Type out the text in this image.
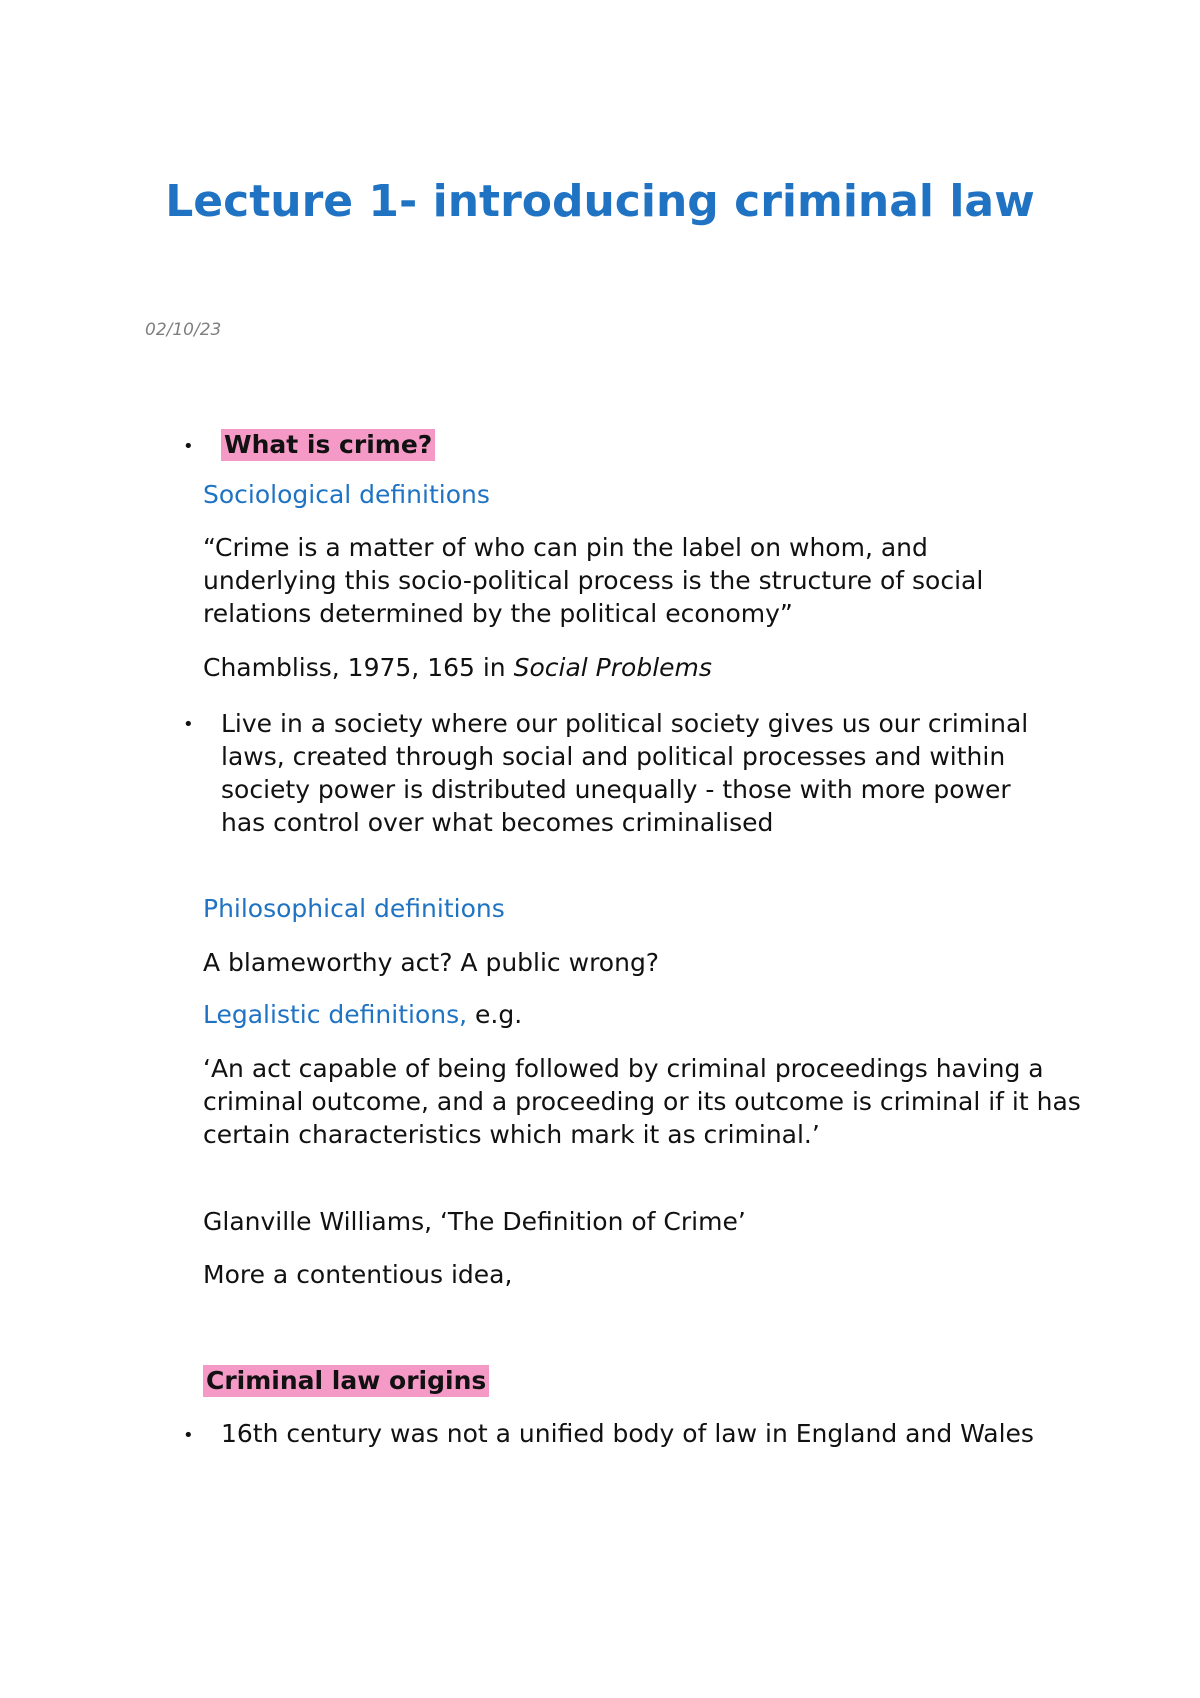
Lecture 1- introducing criminal law
02/10/23
• What is crime?
Sociological definitions
“Crime is a matter of who can pin the label on whom, and underlying this socio-political process is the structure of social relations determined by the political economy”
Chambliss, 1975, 165 in Social Problems
• Live in a society where our political society gives us our criminal laws, created through social and political processes and within society power is distributed unequally - those with more power has control over what becomes criminalised
Philosophical definitions
A blameworthy act? A public wrong?
Legalistic definitions, e.g.
‘An act capable of being followed by criminal proceedings having a criminal outcome, and a proceeding or its outcome is criminal if it has certain characteristics which mark it as criminal.’
Glanville Williams, ‘The Definition of Crime’
More a contentious idea,
Criminal law origins
• 16th century was not a unified body of law in England and Wales
